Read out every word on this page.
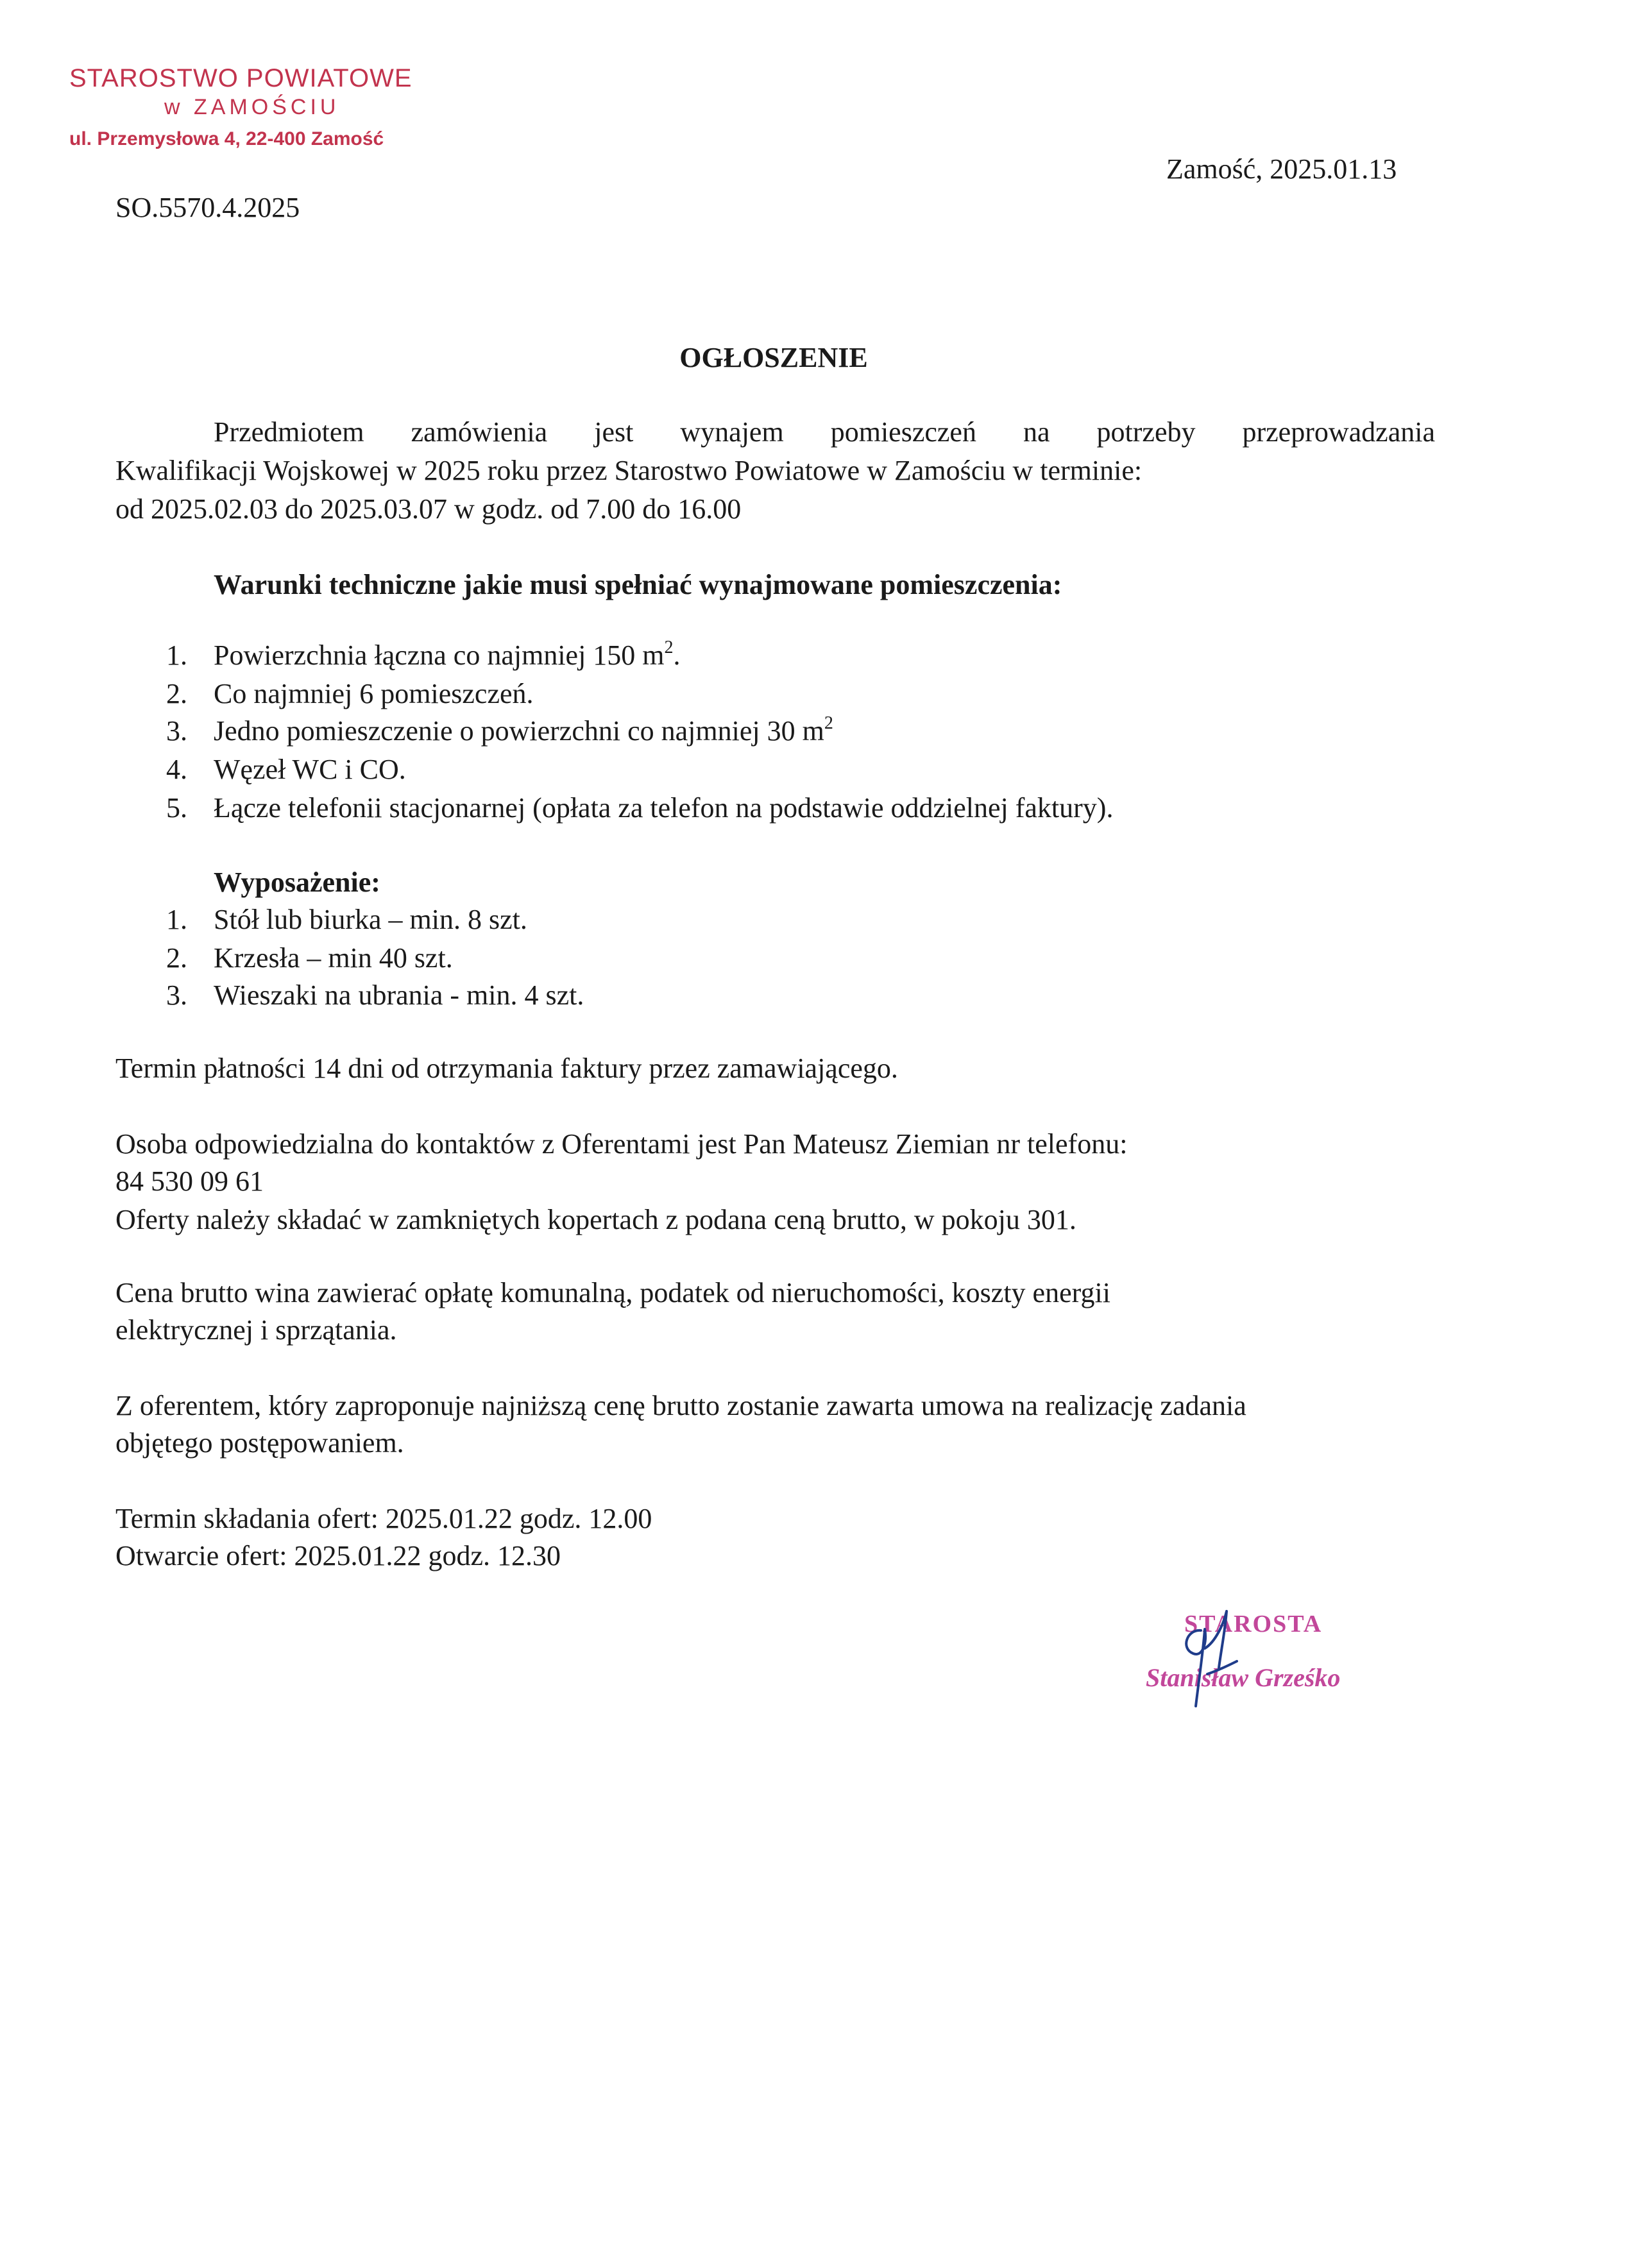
STAROSTWO POWIATOWE
w ZAMOŚCIU
ul. Przemysłowa 4, 22-400 Zamość
SO.5570.4.2025
Zamość, 2025.01.13
OGŁOSZENIE
Przedmiotem zamówienia jest wynajem pomieszczeń na potrzeby przeprowadzania
Kwalifikacji Wojskowej w 2025 roku przez Starostwo Powiatowe w Zamościu w terminie:
od 2025.02.03 do 2025.03.07 w godz. od 7.00 do 16.00
Warunki techniczne jakie musi spełniać wynajmowane pomieszczenia:
1. Powierzchnia łączna co najmniej 150 $m^2$.
2. Co najmniej 6 pomieszczeń.
3. Jedno pomieszczenie o powierzchni co najmniej 30 $m^2$
4. Węzeł WC i CO.
5. Łącze telefonii stacjonarnej (opłata za telefon na podstawie oddzielnej faktury).
Wyposażenie:
1. Stół lub biurka – min. 8 szt.
2. Krzesła – min 40 szt.
3. Wieszaki na ubrania - min. 4 szt.
Termin płatności 14 dni od otrzymania faktury przez zamawiającego.
Osoba odpowiedzialna do kontaktów z Oferentami jest Pan Mateusz Ziemian nr telefonu:
84 530 09 61
Oferty należy składać w zamkniętych kopertach z podana ceną brutto, w pokoju 301.
Cena brutto wina zawierać opłatę komunalną, podatek od nieruchomości, koszty energii
elektrycznej i sprzątania.
Z oferentem, który zaproponuje najniższą cenę brutto zostanie zawarta umowa na realizację zadania
objętego postępowaniem.
Termin składania ofert: 2025.01.22 godz. 12.00
Otwarcie ofert: 2025.01.22 godz. 12.30
STAROSTA
Stanisław Grześko
